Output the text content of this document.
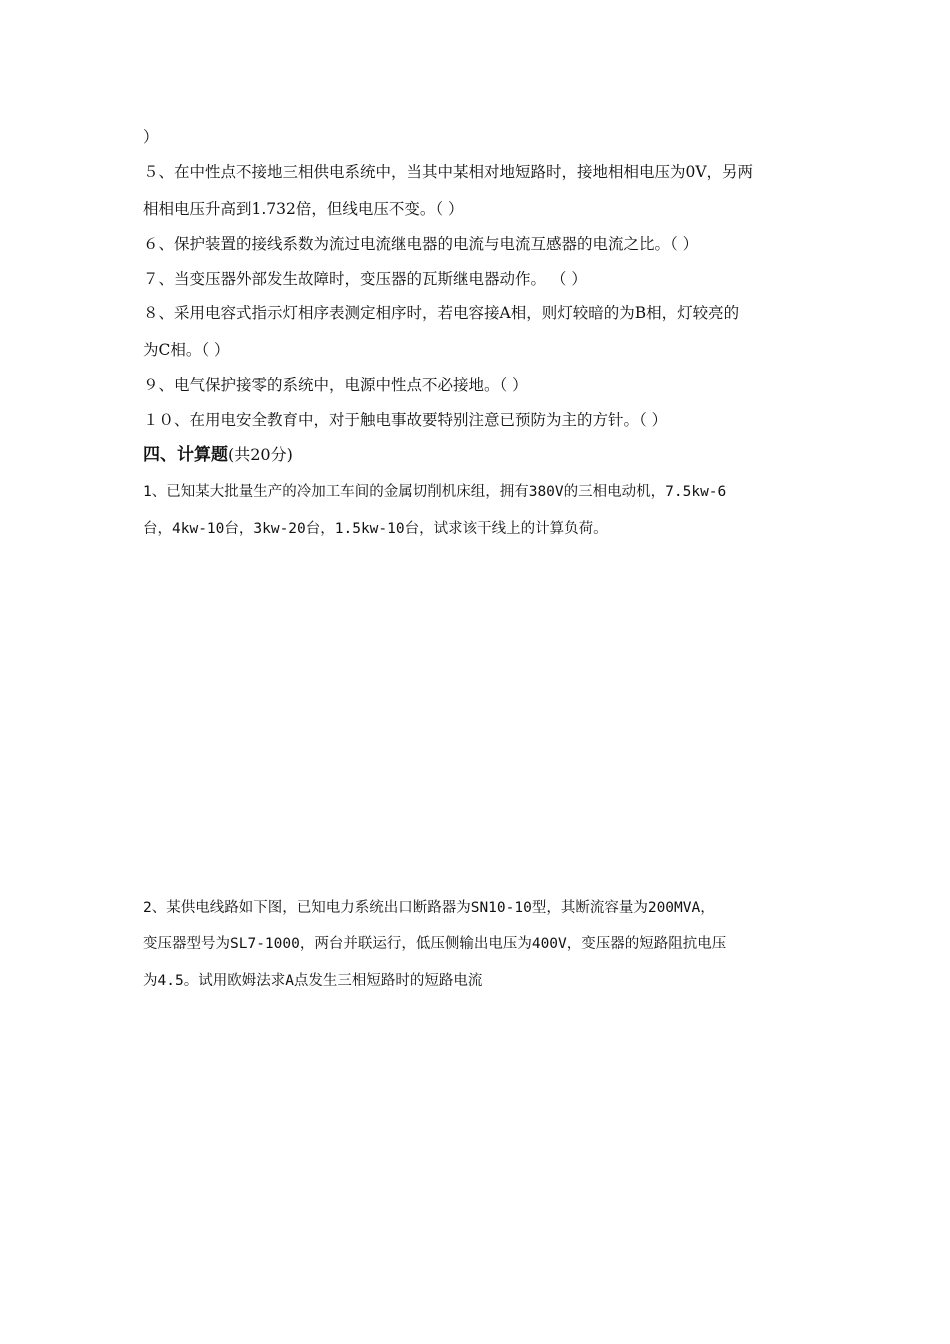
）
５、在中性点不接地三相供电系统中，当其中某相对地短路时，接地相相电压为0V，另两
相相电压升高到1.732倍，但线电压不变。（ ）
６、保护装置的接线系数为流过电流继电器的电流与电流互感器的电流之比。（ ）
７、当变压器外部发生故障时，变压器的瓦斯继电器动作。 （ ）
８、采用电容式指示灯相序表测定相序时，若电容接A相，则灯较暗的为B相，灯较亮的
为C相。（ ）
９、电气保护接零的系统中，电源中性点不必接地。（ ）
１０、在用电安全教育中，对于触电事故要特别注意已预防为主的方针。（ ）
四、计算题(共20分)
1、已知某大批量生产的冷加工车间的金属切削机床组，拥有380V的三相电动机，7.5kw-6
台，4kw-10台，3kw-20台，1.5kw-10台，试求该干线上的计算负荷。
2、某供电线路如下图，已知电力系统出口断路器为SN10-10型，其断流容量为200MVA，
变压器型号为SL7-1000，两台并联运行，低压侧输出电压为400V，变压器的短路阻抗电压
为4.5。试用欧姆法求A点发生三相短路时的短路电流
